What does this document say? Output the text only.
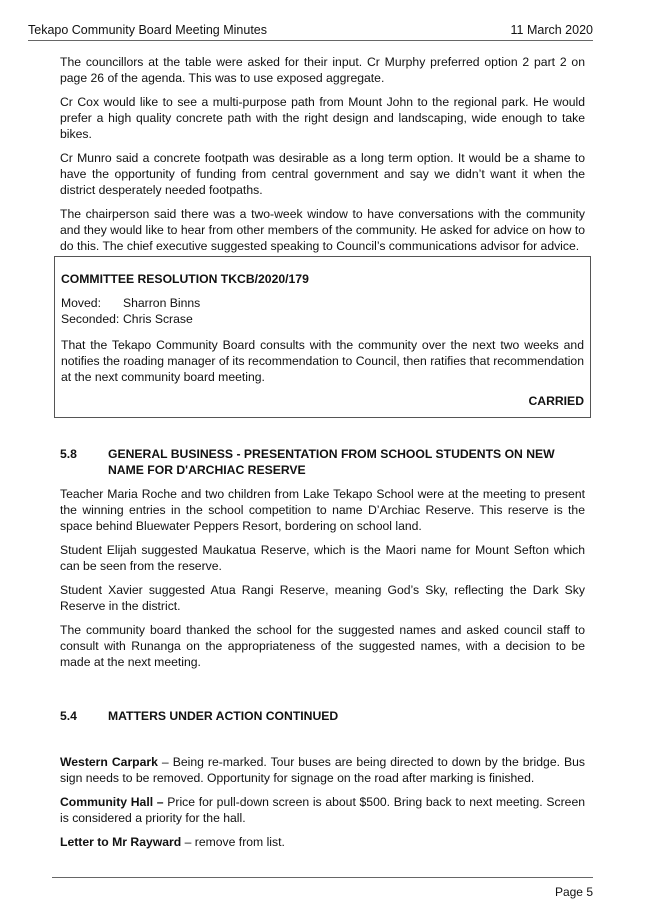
Tekapo Community Board Meeting Minutes	11 March 2020

The councillors at the table were asked for their input. Cr Murphy preferred option 2 part 2 on page 26 of the agenda. This was to use exposed aggregate.

Cr Cox would like to see a multi-purpose path from Mount John to the regional park. He would prefer a high quality concrete path with the right design and landscaping, wide enough to take bikes.

Cr Munro said a concrete footpath was desirable as a long term option. It would be a shame to have the opportunity of funding from central government and say we didn’t want it when the district desperately needed footpaths.

The chairperson said there was a two-week window to have conversations with the community and they would like to hear from other members of the community. He asked for advice on how to do this. The chief executive suggested speaking to Council’s communications advisor for advice.

COMMITTEE RESOLUTION TKCB/2020/179
Moved: Sharron Binns
Seconded: Chris Scrase

That the Tekapo Community Board consults with the community over the next two weeks and notifies the roading manager of its recommendation to Council, then ratifies that recommendation at the next community board meeting.

CARRIED

5.8	GENERAL BUSINESS - PRESENTATION FROM SCHOOL STUDENTS ON NEW NAME FOR D'ARCHIAC RESERVE

Teacher Maria Roche and two children from Lake Tekapo School were at the meeting to present the winning entries in the school competition to name D’Archiac Reserve. This reserve is the space behind Bluewater Peppers Resort, bordering on school land.

Student Elijah suggested Maukatua Reserve, which is the Maori name for Mount Sefton which can be seen from the reserve.

Student Xavier suggested Atua Rangi Reserve, meaning God’s Sky, reflecting the Dark Sky Reserve in the district.

The community board thanked the school for the suggested names and asked council staff to consult with Runanga on the appropriateness of the suggested names, with a decision to be made at the next meeting.

5.4	MATTERS UNDER ACTION CONTINUED

Western Carpark – Being re-marked. Tour buses are being directed to down by the bridge. Bus sign needs to be removed. Opportunity for signage on the road after marking is finished.

Community Hall – Price for pull-down screen is about $500. Bring back to next meeting. Screen is considered a priority for the hall.

Letter to Mr Rayward – remove from list.

Page 5
